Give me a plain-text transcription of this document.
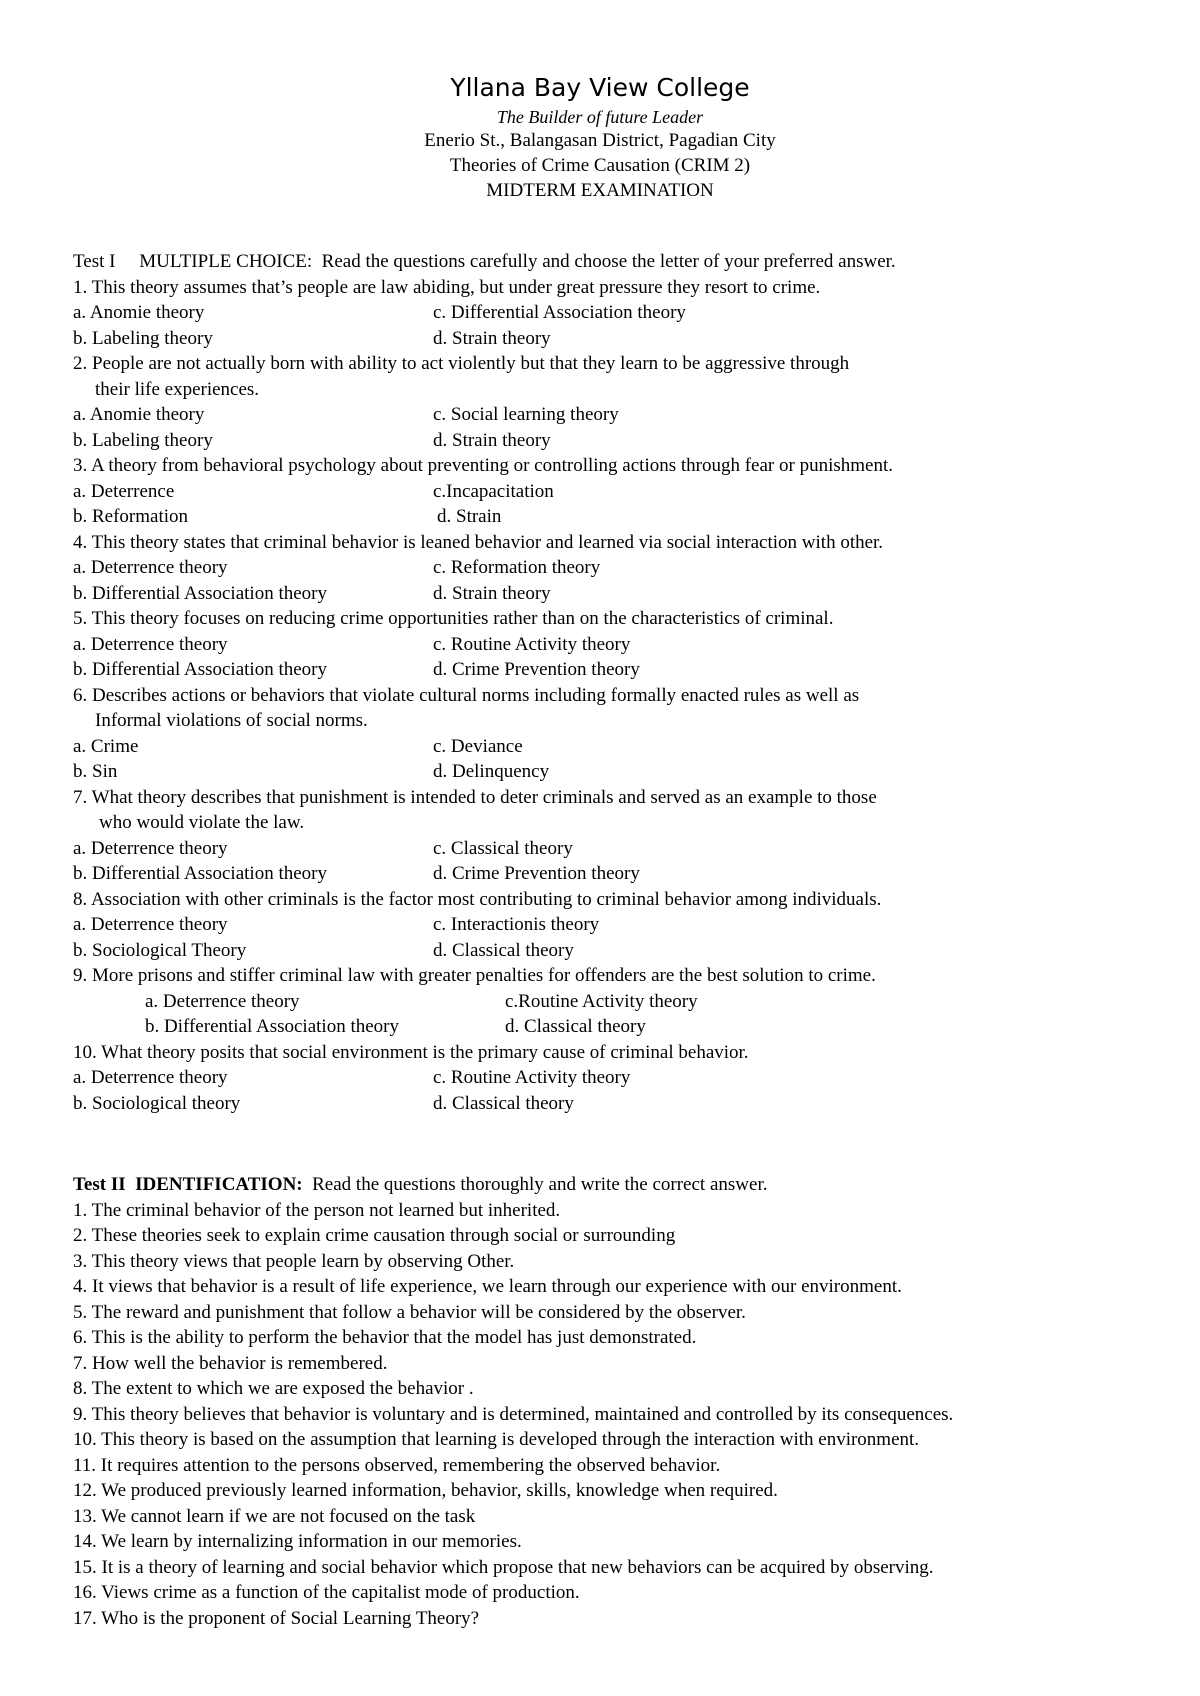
Yllana Bay View College
The Builder of future Leader
Enerio St., Balangasan District, Pagadian City
Theories of Crime Causation (CRIM 2)
MIDTERM EXAMINATION
Test I     MULTIPLE CHOICE:  Read the questions carefully and choose the letter of your preferred answer.
1. This theory assumes that’s people are law abiding, but under great pressure they resort to crime.
a. Anomie theory	c. Differential Association theory
b. Labeling theory	d. Strain theory
2. People are not actually born with ability to act violently but that they learn to be aggressive through
their life experiences.
a. Anomie theory	c. Social learning theory
b. Labeling theory	d. Strain theory
3. A theory from behavioral psychology about preventing or controlling actions through fear or punishment.
a. Deterrence	c.Incapacitation
b. Reformation	d. Strain
4. This theory states that criminal behavior is leaned behavior and learned via social interaction with other.
a. Deterrence theory	c. Reformation theory
b. Differential Association theory	d. Strain theory
5. This theory focuses on reducing crime opportunities rather than on the characteristics of criminal.
a. Deterrence theory	c. Routine Activity theory
b. Differential Association theory	d. Crime Prevention theory
6. Describes actions or behaviors that violate cultural norms including formally enacted rules as well as
Informal violations of social norms.
a. Crime	c. Deviance
b. Sin	d. Delinquency
7. What theory describes that punishment is intended to deter criminals and served as an example to those
who would violate the law.
a. Deterrence theory	c. Classical theory
b. Differential Association theory	d. Crime Prevention theory
8. Association with other criminals is the factor most contributing to criminal behavior among individuals.
a. Deterrence theory	c. Interactionis theory
b. Sociological Theory	d. Classical theory
9. More prisons and stiffer criminal law with greater penalties for offenders are the best solution to crime.
a. Deterrence theory	c.Routine Activity theory
b. Differential Association theory	d. Classical theory
10. What theory posits that social environment is the primary cause of criminal behavior.
a. Deterrence theory	c. Routine Activity theory
b. Sociological theory	d. Classical theory
Test II  IDENTIFICATION:  Read the questions thoroughly and write the correct answer.
1. The criminal behavior of the person not learned but inherited.
2. These theories seek to explain crime causation through social or surrounding
3. This theory views that people learn by observing Other.
4. It views that behavior is a result of life experience, we learn through our experience with our environment.
5. The reward and punishment that follow a behavior will be considered by the observer.
6. This is the ability to perform the behavior that the model has just demonstrated.
7. How well the behavior is remembered.
8. The extent to which we are exposed the behavior .
9. This theory believes that behavior is voluntary and is determined, maintained and controlled by its consequences.
10. This theory is based on the assumption that learning is developed through the interaction with environment.
11. It requires attention to the persons observed, remembering the observed behavior.
12. We produced previously learned information, behavior, skills, knowledge when required.
13. We cannot learn if we are not focused on the task
14. We learn by internalizing information in our memories.
15. It is a theory of learning and social behavior which propose that new behaviors can be acquired by observing.
16. Views crime as a function of the capitalist mode of production.
17. Who is the proponent of Social Learning Theory?
